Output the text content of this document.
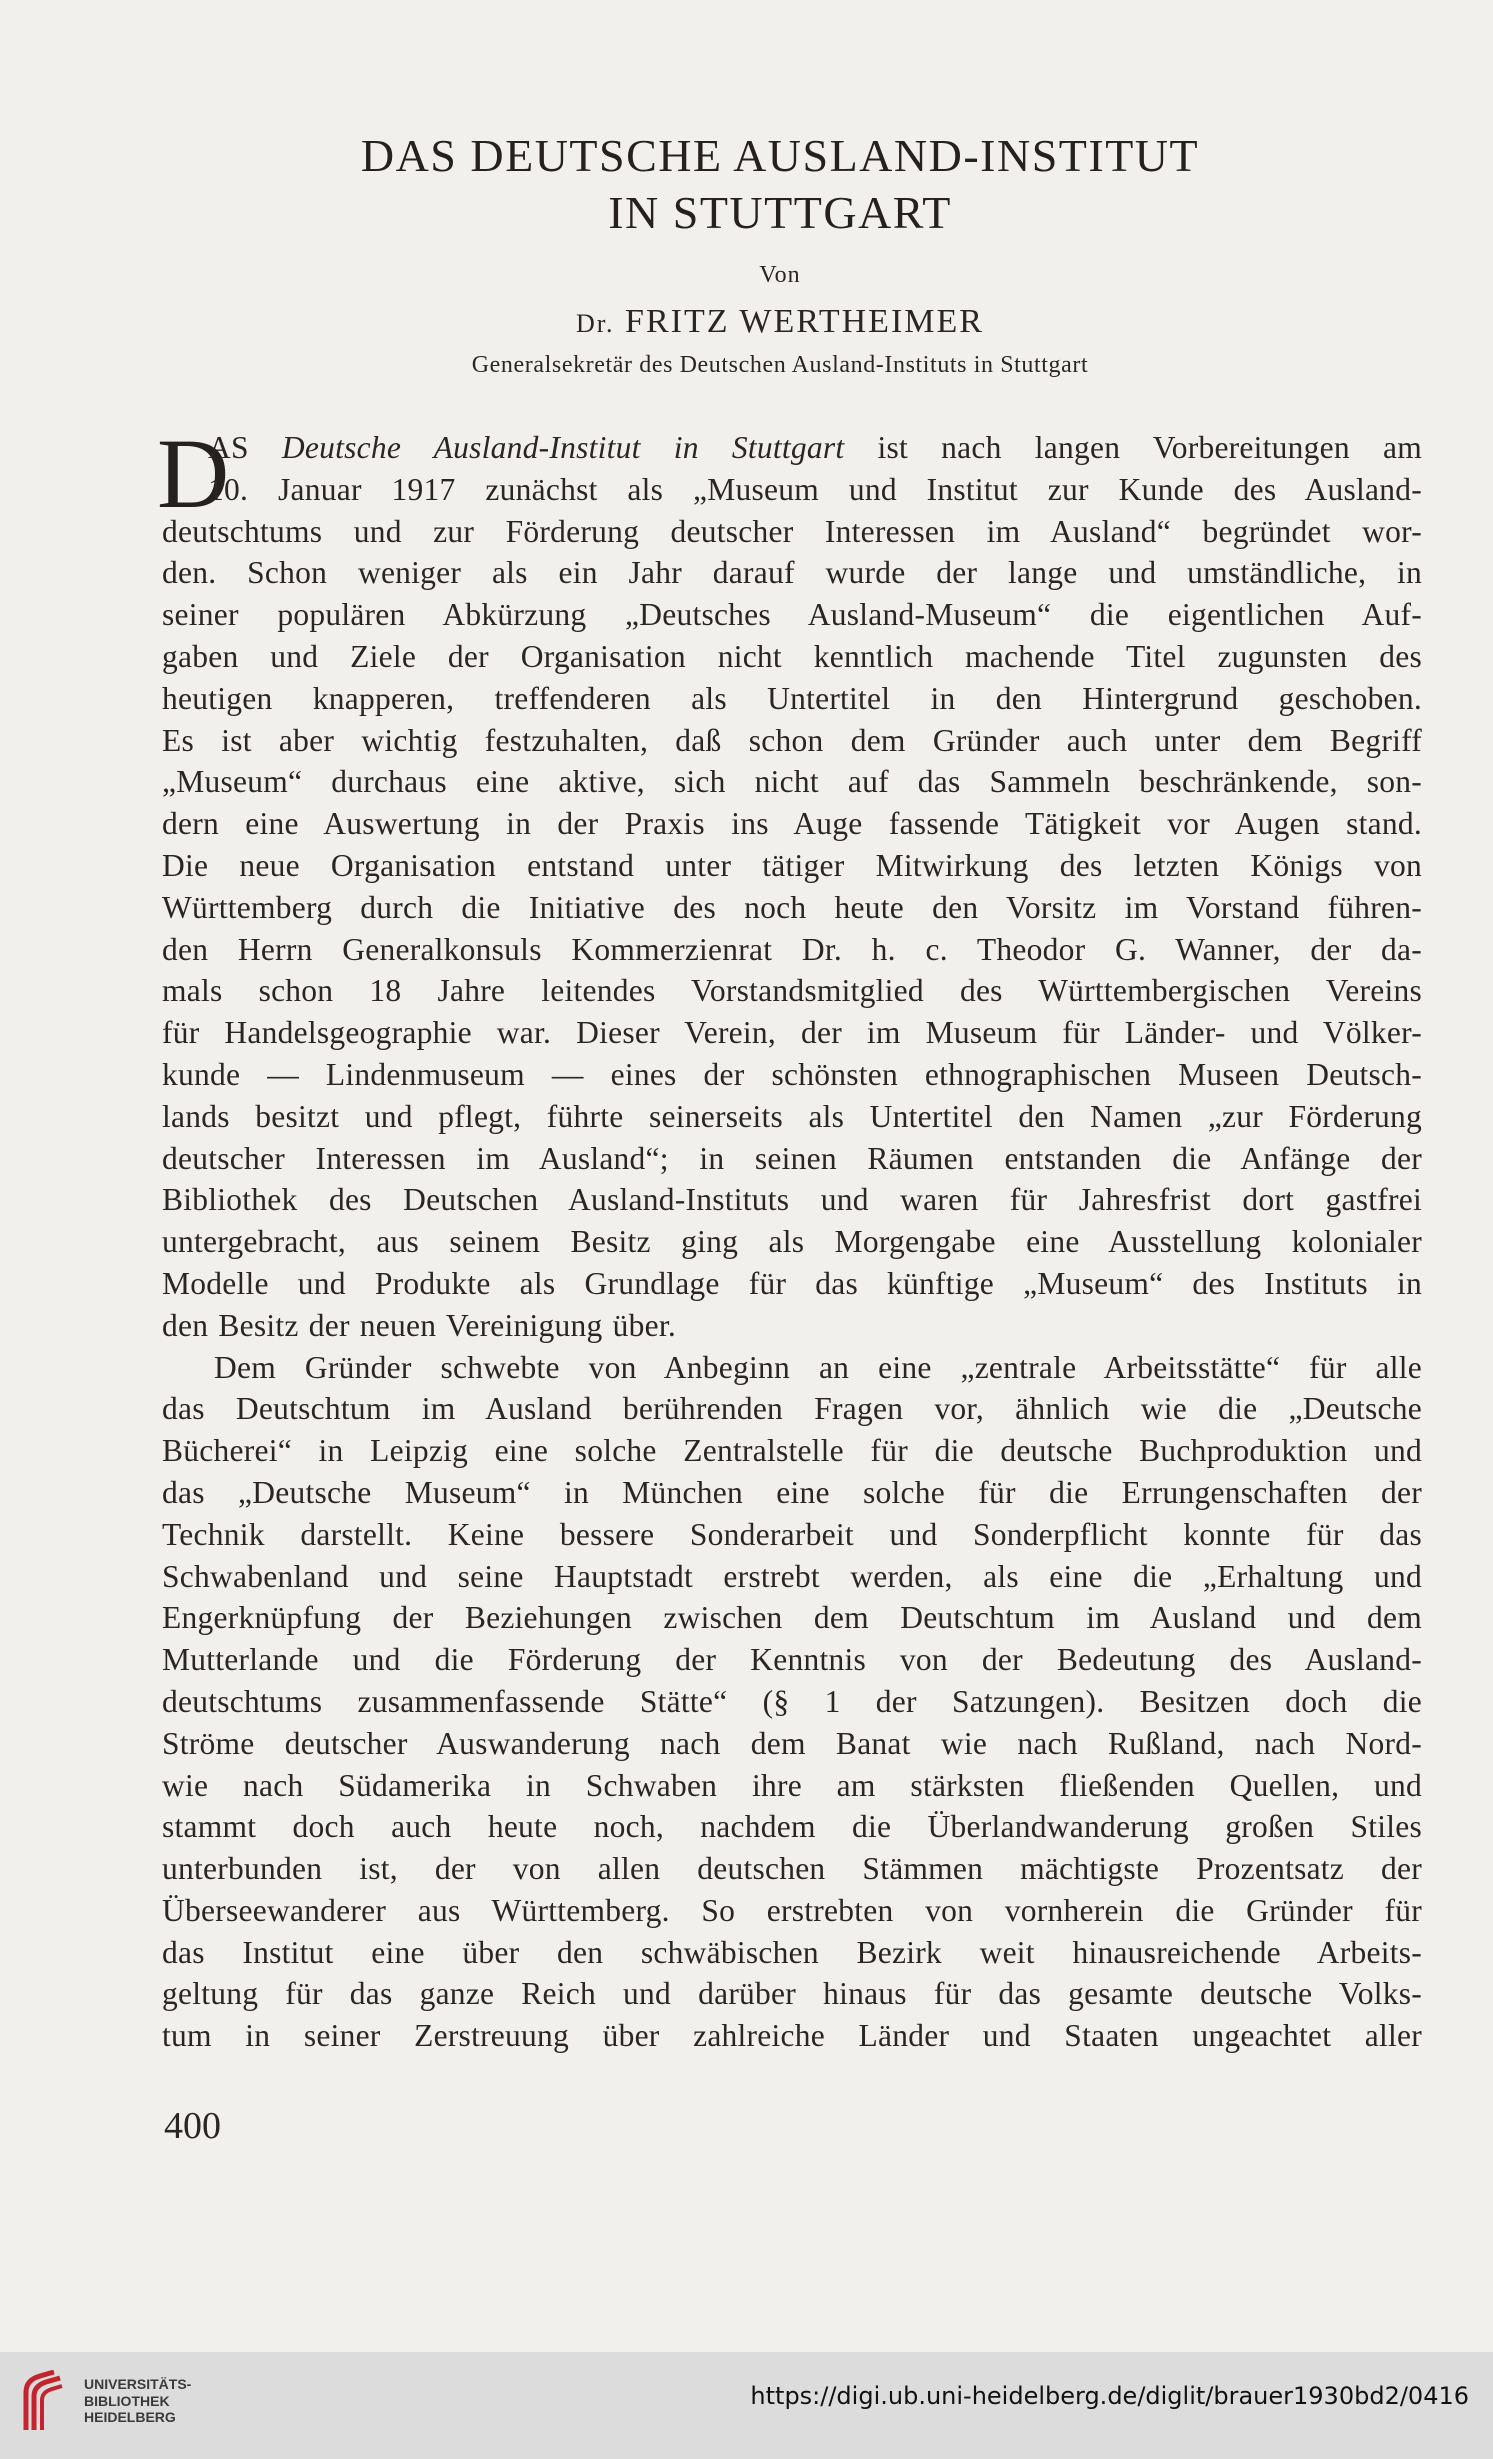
DAS DEUTSCHE AUSLAND-INSTITUT
IN STUTTGART
Von
Dr. FRITZ WERTHEIMER
Generalsekretär des Deutschen Ausland-Instituts in Stuttgart
D
AS Deutsche Ausland-Institut in Stuttgart ist nach langen Vorbereitungen am
10. Januar 1917 zunächst als „Museum und Institut zur Kunde des Ausland-
deutschtums und zur Förderung deutscher Interessen im Ausland“ begründet wor-
den. Schon weniger als ein Jahr darauf wurde der lange und umständliche, in
seiner populären Abkürzung „Deutsches Ausland-Museum“ die eigentlichen Auf-
gaben und Ziele der Organisation nicht kenntlich machende Titel zugunsten des
heutigen knapperen, treffenderen als Untertitel in den Hintergrund geschoben.
Es ist aber wichtig festzuhalten, daß schon dem Gründer auch unter dem Begriff
„Museum“ durchaus eine aktive, sich nicht auf das Sammeln beschränkende, son-
dern eine Auswertung in der Praxis ins Auge fassende Tätigkeit vor Augen stand.
Die neue Organisation entstand unter tätiger Mitwirkung des letzten Königs von
Württemberg durch die Initiative des noch heute den Vorsitz im Vorstand führen-
den Herrn Generalkonsuls Kommerzienrat Dr. h. c. Theodor G. Wanner, der da-
mals schon 18 Jahre leitendes Vorstandsmitglied des Württembergischen Vereins
für Handelsgeographie war. Dieser Verein, der im Museum für Länder- und Völker-
kunde — Lindenmuseum — eines der schönsten ethnographischen Museen Deutsch-
lands besitzt und pflegt, führte seinerseits als Untertitel den Namen „zur Förderung
deutscher Interessen im Ausland“; in seinen Räumen entstanden die Anfänge der
Bibliothek des Deutschen Ausland-Instituts und waren für Jahresfrist dort gastfrei
untergebracht, aus seinem Besitz ging als Morgengabe eine Ausstellung kolonialer
Modelle und Produkte als Grundlage für das künftige „Museum“ des Instituts in
den Besitz der neuen Vereinigung über.
Dem Gründer schwebte von Anbeginn an eine „zentrale Arbeitsstätte“ für alle
das Deutschtum im Ausland berührenden Fragen vor, ähnlich wie die „Deutsche
Bücherei“ in Leipzig eine solche Zentralstelle für die deutsche Buchproduktion und
das „Deutsche Museum“ in München eine solche für die Errungenschaften der
Technik darstellt. Keine bessere Sonderarbeit und Sonderpflicht konnte für das
Schwabenland und seine Hauptstadt erstrebt werden, als eine die „Erhaltung und
Engerknüpfung der Beziehungen zwischen dem Deutschtum im Ausland und dem
Mutterlande und die Förderung der Kenntnis von der Bedeutung des Ausland-
deutschtums zusammenfassende Stätte“ (§ 1 der Satzungen). Besitzen doch die
Ströme deutscher Auswanderung nach dem Banat wie nach Rußland, nach Nord-
wie nach Südamerika in Schwaben ihre am stärksten fließenden Quellen, und
stammt doch auch heute noch, nachdem die Überlandwanderung großen Stiles
unterbunden ist, der von allen deutschen Stämmen mächtigste Prozentsatz der
Überseewanderer aus Württemberg. So erstrebten von vornherein die Gründer für
das Institut eine über den schwäbischen Bezirk weit hinausreichende Arbeits-
geltung für das ganze Reich und darüber hinaus für das gesamte deutsche Volks-
tum in seiner Zerstreuung über zahlreiche Länder und Staaten ungeachtet aller
400
UNIVERSITÄTS-
BIBLIOTHEK
HEIDELBERG
https://digi.ub.uni-heidelberg.de/diglit/brauer1930bd2/0416
